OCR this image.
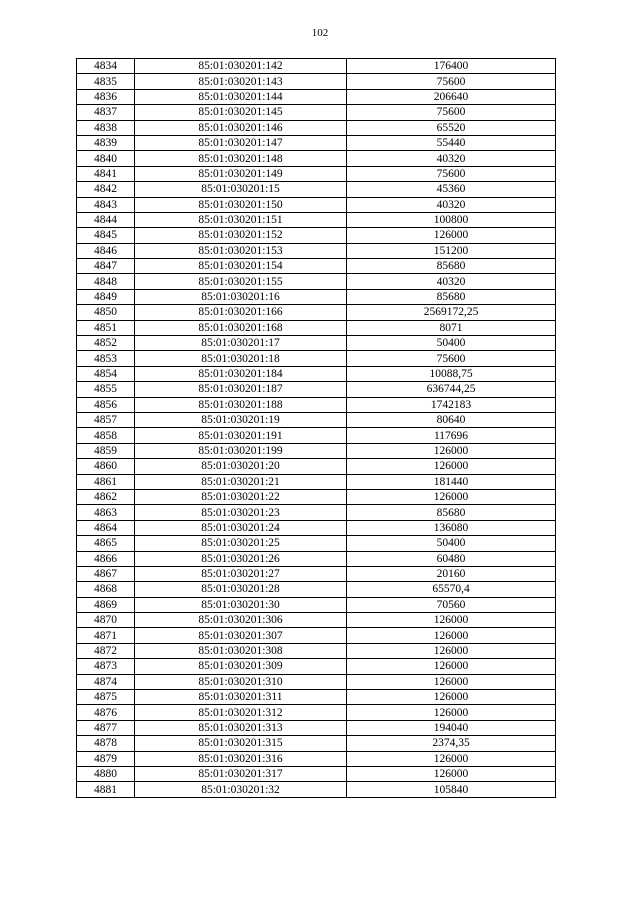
102
4834	85:01:030201:142	176400
4835	85:01:030201:143	75600
4836	85:01:030201:144	206640
4837	85:01:030201:145	75600
4838	85:01:030201:146	65520
4839	85:01:030201:147	55440
4840	85:01:030201:148	40320
4841	85:01:030201:149	75600
4842	85:01:030201:15	45360
4843	85:01:030201:150	40320
4844	85:01:030201:151	100800
4845	85:01:030201:152	126000
4846	85:01:030201:153	151200
4847	85:01:030201:154	85680
4848	85:01:030201:155	40320
4849	85:01:030201:16	85680
4850	85:01:030201:166	2569172,25
4851	85:01:030201:168	8071
4852	85:01:030201:17	50400
4853	85:01:030201:18	75600
4854	85:01:030201:184	10088,75
4855	85:01:030201:187	636744,25
4856	85:01:030201:188	1742183
4857	85:01:030201:19	80640
4858	85:01:030201:191	117696
4859	85:01:030201:199	126000
4860	85:01:030201:20	126000
4861	85:01:030201:21	181440
4862	85:01:030201:22	126000
4863	85:01:030201:23	85680
4864	85:01:030201:24	136080
4865	85:01:030201:25	50400
4866	85:01:030201:26	60480
4867	85:01:030201:27	20160
4868	85:01:030201:28	65570,4
4869	85:01:030201:30	70560
4870	85:01:030201:306	126000
4871	85:01:030201:307	126000
4872	85:01:030201:308	126000
4873	85:01:030201:309	126000
4874	85:01:030201:310	126000
4875	85:01:030201:311	126000
4876	85:01:030201:312	126000
4877	85:01:030201:313	194040
4878	85:01:030201:315	2374,35
4879	85:01:030201:316	126000
4880	85:01:030201:317	126000
4881	85:01:030201:32	105840
